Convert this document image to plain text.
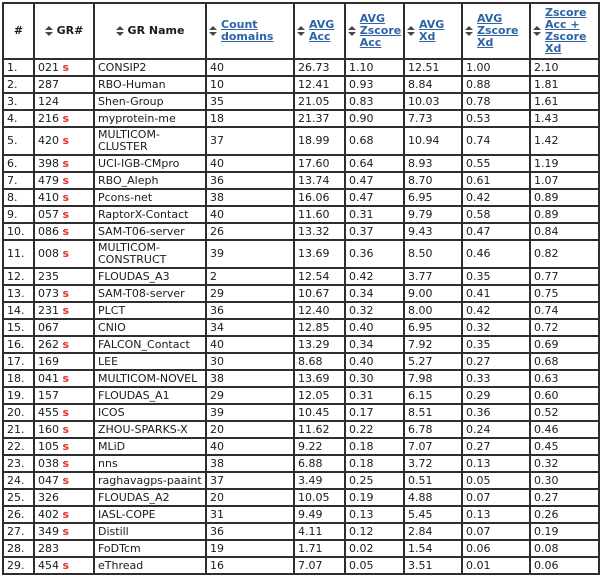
#	GR#	GR Name	Count domains	AVG Acc	AVG Zscore Acc	AVG Xd	AVG Zscore Xd	Zscore Acc + Zscore Xd

1.	021 s	CONSIP2	40	26.73	1.10	12.51	1.00	2.10
2.	287	RBO-Human	10	12.41	0.93	8.84	0.88	1.81
3.	124	Shen-Group	35	21.05	0.83	10.03	0.78	1.61
4.	216 s	myprotein-me	18	21.37	0.90	7.73	0.53	1.43
5.	420 s	MULTICOM-CLUSTER	37	18.99	0.68	10.94	0.74	1.42
6.	398 s	UCI-IGB-CMpro	40	17.60	0.64	8.93	0.55	1.19
7.	479 s	RBO_Aleph	36	13.74	0.47	8.70	0.61	1.07
8.	410 s	Pcons-net	38	16.06	0.47	6.95	0.42	0.89
9.	057 s	RaptorX-Contact	40	11.60	0.31	9.79	0.58	0.89
10.	086 s	SAM-T06-server	26	13.32	0.37	9.43	0.47	0.84
11.	008 s	MULTICOM-CONSTRUCT	39	13.69	0.36	8.50	0.46	0.82
12.	235	FLOUDAS_A3	2	12.54	0.42	3.77	0.35	0.77
13.	073 s	SAM-T08-server	29	10.67	0.34	9.00	0.41	0.75
14.	231 s	PLCT	36	12.40	0.32	8.00	0.42	0.74
15.	067	CNIO	34	12.85	0.40	6.95	0.32	0.72
16.	262 s	FALCON_Contact	40	13.29	0.34	7.92	0.35	0.69
17.	169	LEE	30	8.68	0.40	5.27	0.27	0.68
18.	041 s	MULTICOM-NOVEL	38	13.69	0.30	7.98	0.33	0.63
19.	157	FLOUDAS_A1	29	12.05	0.31	6.15	0.29	0.60
20.	455 s	ICOS	39	10.45	0.17	8.51	0.36	0.52
21.	160 s	ZHOU-SPARKS-X	20	11.62	0.22	6.78	0.24	0.46
22.	105 s	MLiD	40	9.22	0.18	7.07	0.27	0.45
23.	038 s	nns	38	6.88	0.18	3.72	0.13	0.32
24.	047 s	raghavagps-paaint	37	3.49	0.25	0.51	0.05	0.30
25.	326	FLOUDAS_A2	20	10.05	0.19	4.88	0.07	0.27
26.	402 s	IASL-COPE	31	9.49	0.13	5.45	0.13	0.26
27.	349 s	Distill	36	4.11	0.12	2.84	0.07	0.19
28.	283	FoDTcm	19	1.71	0.02	1.54	0.06	0.08
29.	454 s	eThread	16	7.07	0.05	3.51	0.01	0.06
